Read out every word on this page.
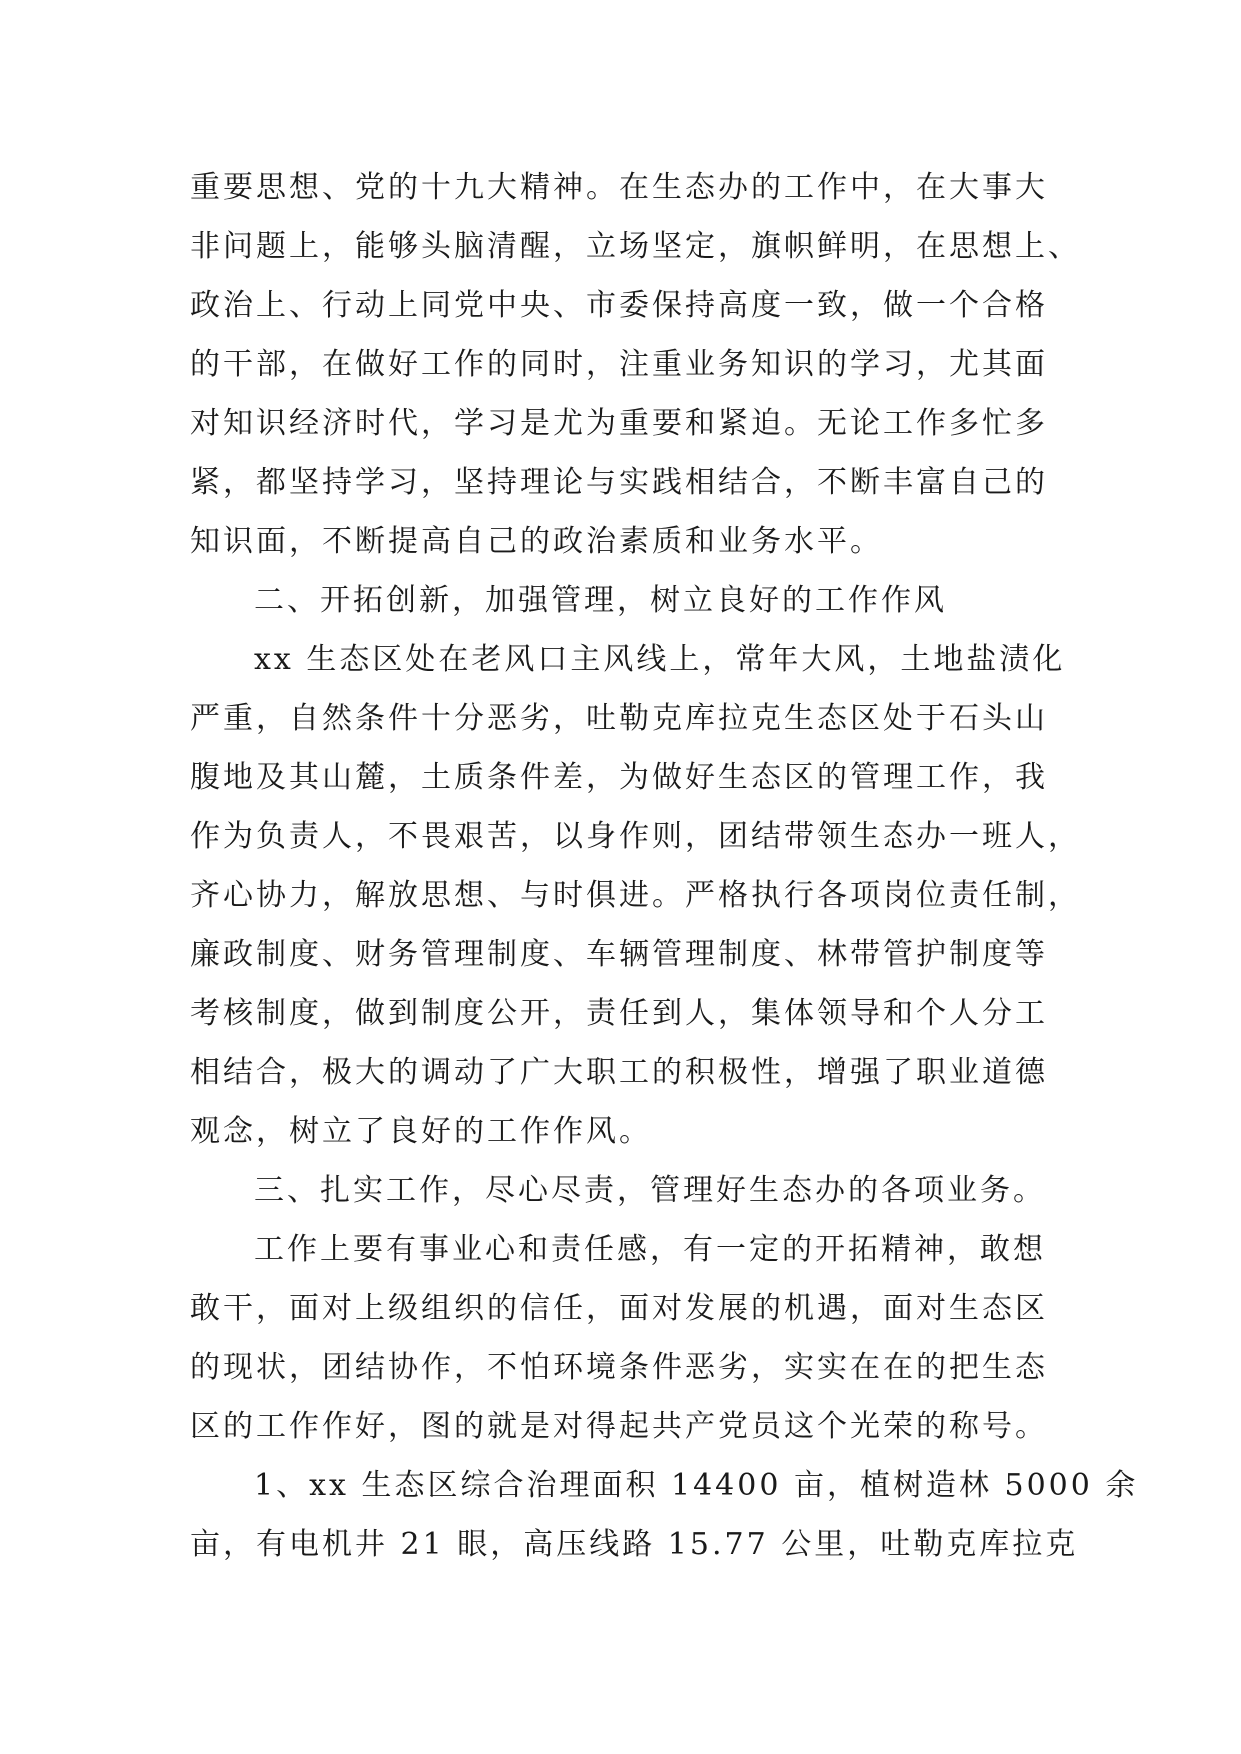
重要思想、党的十九大精神。在生态办的工作中，在大事大
非问题上，能够头脑清醒，立场坚定，旗帜鲜明，在思想上、
政治上、行动上同党中央、市委保持高度一致，做一个合格
的干部，在做好工作的同时，注重业务知识的学习，尤其面
对知识经济时代，学习是尤为重要和紧迫。无论工作多忙多
紧，都坚持学习，坚持理论与实践相结合，不断丰富自己的
知识面，不断提高自己的政治素质和业务水平。
二、开拓创新，加强管理，树立良好的工作作风
xx 生态区处在老风口主风线上，常年大风，土地盐渍化
严重，自然条件十分恶劣，吐勒克库拉克生态区处于石头山
腹地及其山麓，土质条件差，为做好生态区的管理工作，我
作为负责人，不畏艰苦，以身作则，团结带领生态办一班人，
齐心协力，解放思想、与时俱进。严格执行各项岗位责任制，
廉政制度、财务管理制度、车辆管理制度、林带管护制度等
考核制度，做到制度公开，责任到人，集体领导和个人分工
相结合，极大的调动了广大职工的积极性，增强了职业道德
观念，树立了良好的工作作风。
三、扎实工作，尽心尽责，管理好生态办的各项业务。
工作上要有事业心和责任感，有一定的开拓精神，敢想
敢干，面对上级组织的信任，面对发展的机遇，面对生态区
的现状，团结协作，不怕环境条件恶劣，实实在在的把生态
区的工作作好，图的就是对得起共产党员这个光荣的称号。
1、xx 生态区综合治理面积 14400 亩，植树造林 5000 余
亩，有电机井 21 眼，高压线路 15.77 公里，吐勒克库拉克
